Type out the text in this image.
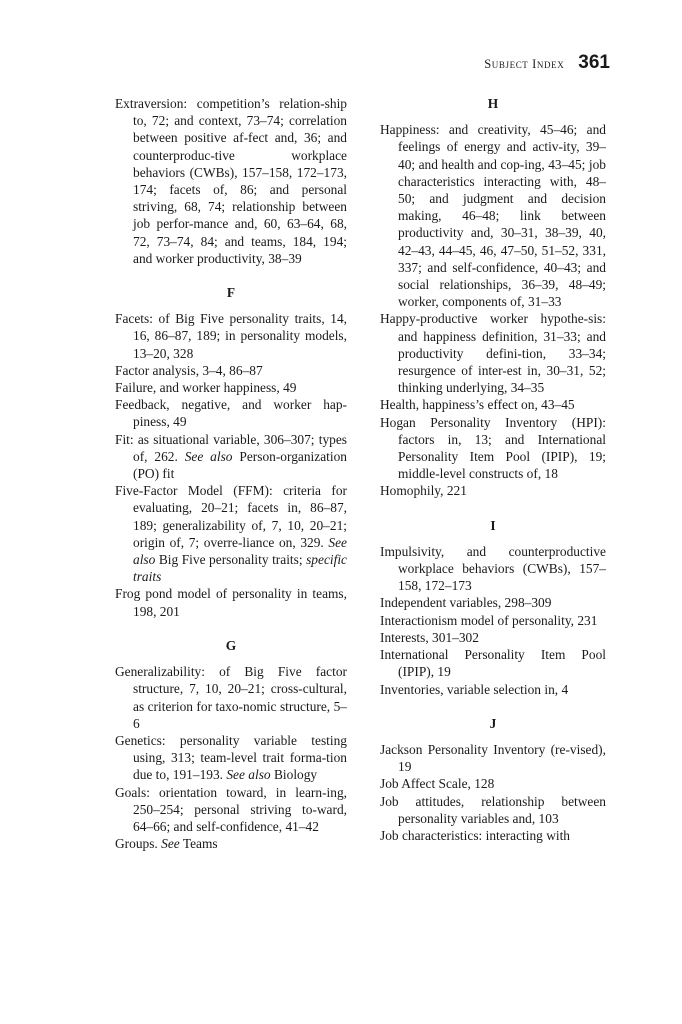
Subject Index 361
Extraversion: competition’s relation-ship to, 72; and context, 73–74; correlation between positive af-fect and, 36; and counterproduc-tive workplace behaviors (CWBs), 157–158, 172–173, 174; facets of, 86; and personal striving, 68, 74; relationship between job perfor-mance and, 60, 63–64, 68, 72, 73–74, 84; and teams, 184, 194; and worker productivity, 38–39
F
Facets: of Big Five personality traits, 14, 16, 86–87, 189; in personality models, 13–20, 328
Factor analysis, 3–4, 86–87
Failure, and worker happiness, 49
Feedback, negative, and worker hap-piness, 49
Fit: as situational variable, 306–307; types of, 262. See also Person-organization (PO) fit
Five-Factor Model (FFM): criteria for evaluating, 20–21; facets in, 86–87, 189; generalizability of, 7, 10, 20–21; origin of, 7; overre-liance on, 329. See also Big Five personality traits; specific traits
Frog pond model of personality in teams, 198, 201
G
Generalizability: of Big Five factor structure, 7, 10, 20–21; cross-cultural, as criterion for taxo-nomic structure, 5–6
Genetics: personality variable testing using, 313; team-level trait forma-tion due to, 191–193. See also Biology
Goals: orientation toward, in learn-ing, 250–254; personal striving to-ward, 64–66; and self-confidence, 41–42
Groups. See Teams
H
Happiness: and creativity, 45–46; and feelings of energy and activ-ity, 39–40; and health and cop-ing, 43–45; job characteristics interacting with, 48–50; and judgment and decision making, 46–48; link between productivity and, 30–31, 38–39, 40, 42–43, 44–45, 46, 47–50, 51–52, 331, 337; and self-confidence, 40–43; and social relationships, 36–39, 48–49; worker, components of, 31–33
Happy-productive worker hypothe-sis: and happiness definition, 31–33; and productivity defini-tion, 33–34; resurgence of inter-est in, 30–31, 52; thinking underlying, 34–35
Health, happiness’s effect on, 43–45
Hogan Personality Inventory (HPI): factors in, 13; and International Personality Item Pool (IPIP), 19; middle-level constructs of, 18
Homophily, 221
I
Impulsivity, and counterproductive workplace behaviors (CWBs), 157–158, 172–173
Independent variables, 298–309
Interactionism model of personality, 231
Interests, 301–302
International Personality Item Pool (IPIP), 19
Inventories, variable selection in, 4
J
Jackson Personality Inventory (re-vised), 19
Job Affect Scale, 128
Job attitudes, relationship between personality variables and, 103
Job characteristics: interacting with
